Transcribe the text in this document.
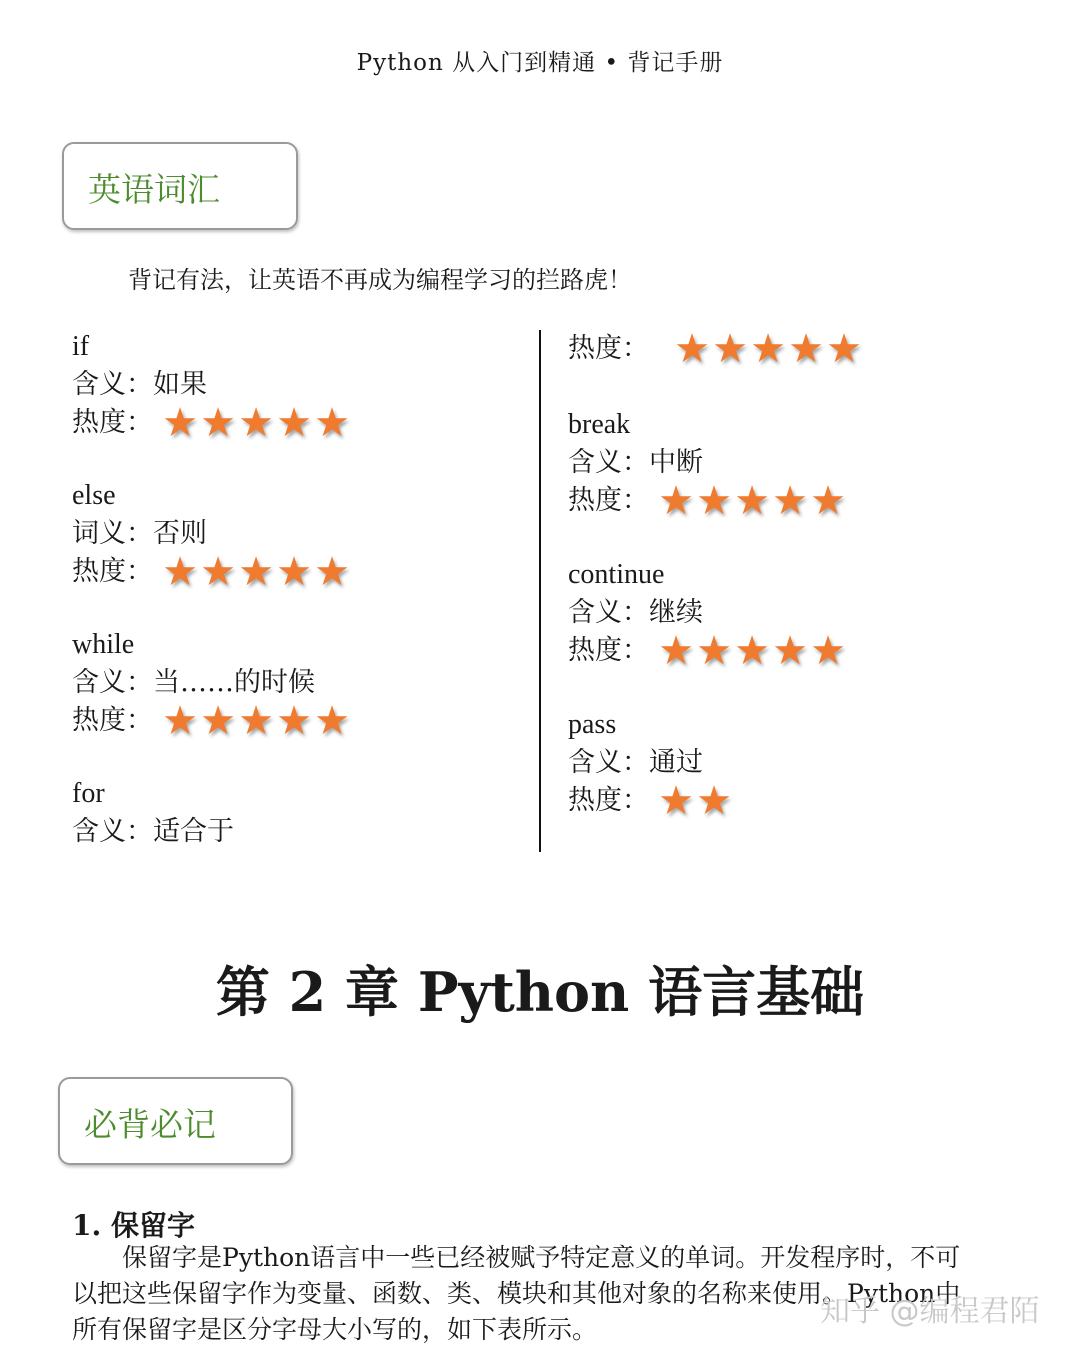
Python 从入门到精通 • 背记手册
英语词汇
背记有法，让英语不再成为编程学习的拦路虎！
if
含义： 如果
热度： ★ ★ ★ ★ ★
else
词义： 否则
热度： ★ ★ ★ ★ ★
while
含义： 当……的时候
热度： ★ ★ ★ ★ ★
for
含义： 适合于
热度： ★ ★ ★ ★ ★
break
含义： 中断
热度： ★ ★ ★ ★ ★
continue
含义： 继续
热度： ★ ★ ★ ★ ★
pass
含义： 通过
热度： ★ ★
第 2 章 Python 语言基础
必背必记
1. 保留字
　　保留字是Python语言中一些已经被赋予特定意义的单词。开发程序时，不可
以把这些保留字作为变量、函数、类、模块和其他对象的名称来使用。Python中
所有保留字是区分字母大小写的，如下表所示。
知乎 @编程君陌
